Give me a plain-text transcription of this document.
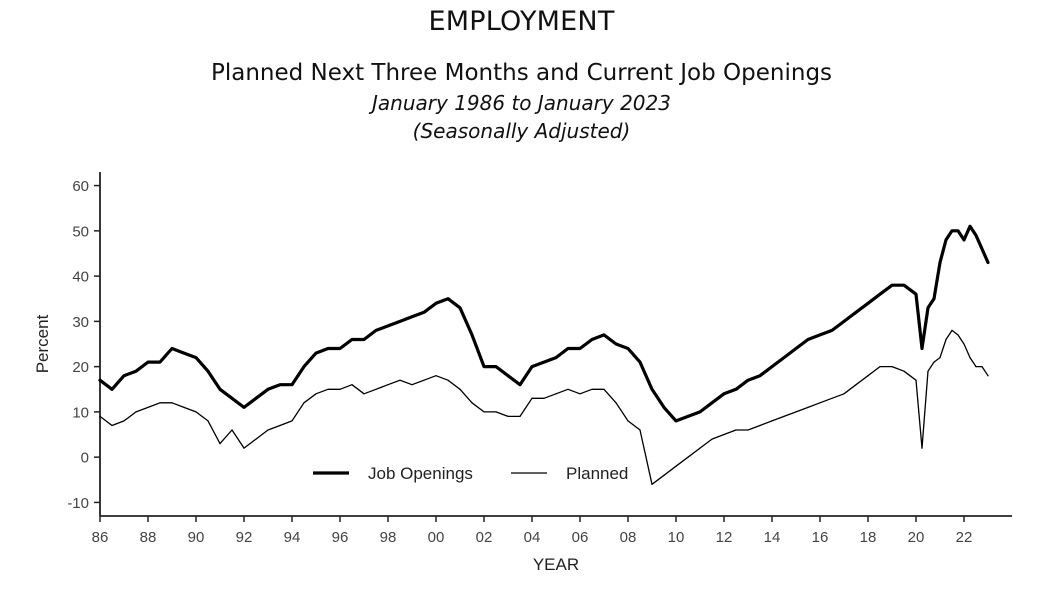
EMPLOYMENT
Planned Next Three Months and Current Job Openings
January 1986 to January 2023
(Seasonally Adjusted)
-10
0
10
20
30
40
50
60
86 88 90 92 94 96 98 00 02 04 06 08 10 12 14 16 18 20 22
Job Openings	Planned
YEAR
Percent
